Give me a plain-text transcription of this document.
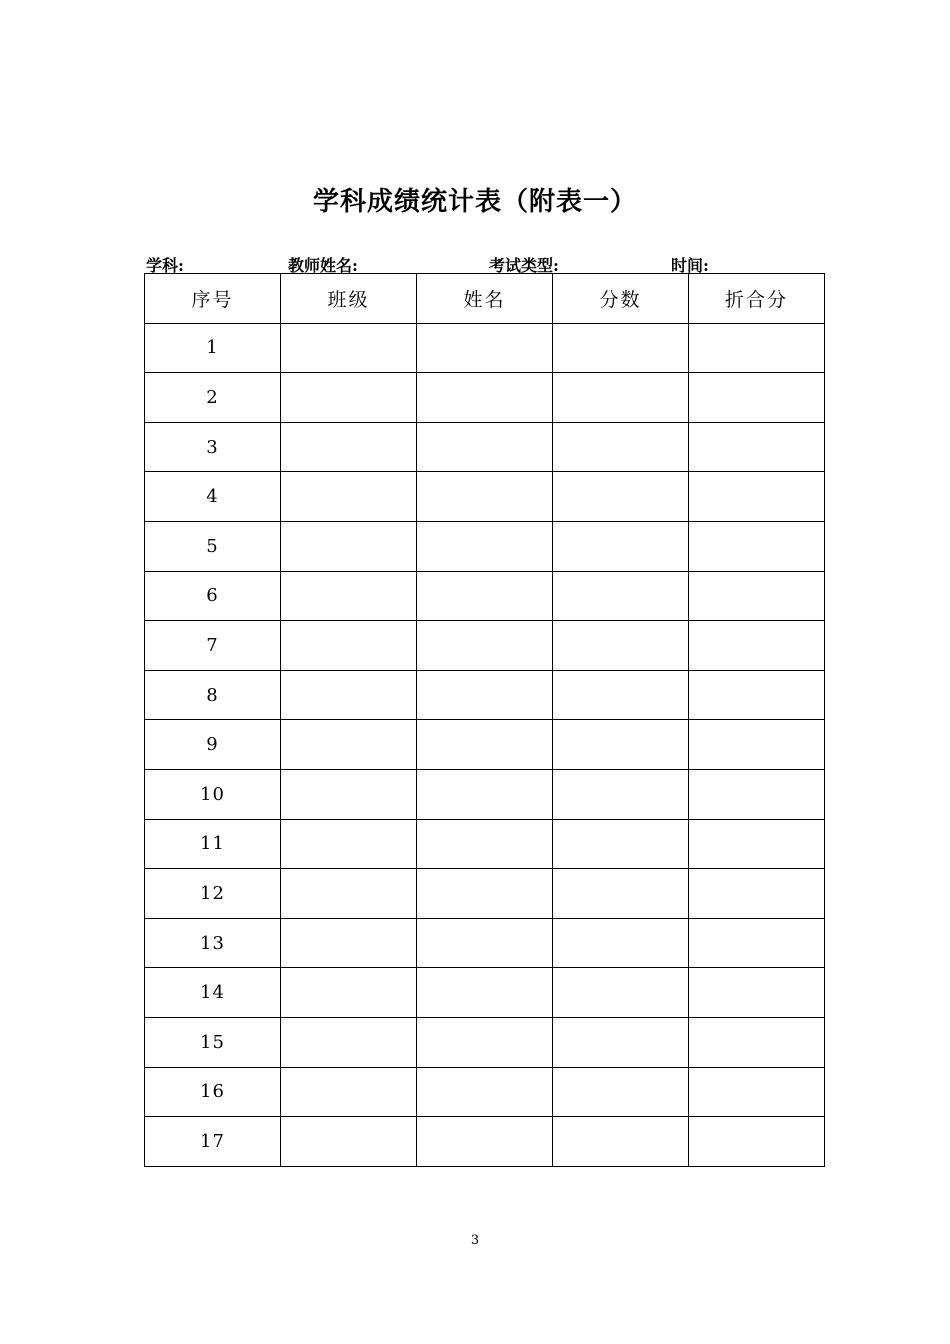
学科成绩统计表（附表一）
学科:	教师姓名:	考试类型:	时间:
序号	班级	姓名	分数	折合分
1				
2				
3				
4				
5				
6				
7				
8				
9				
10				
11				
12				
13				
14				
15				
16				
17				
3
